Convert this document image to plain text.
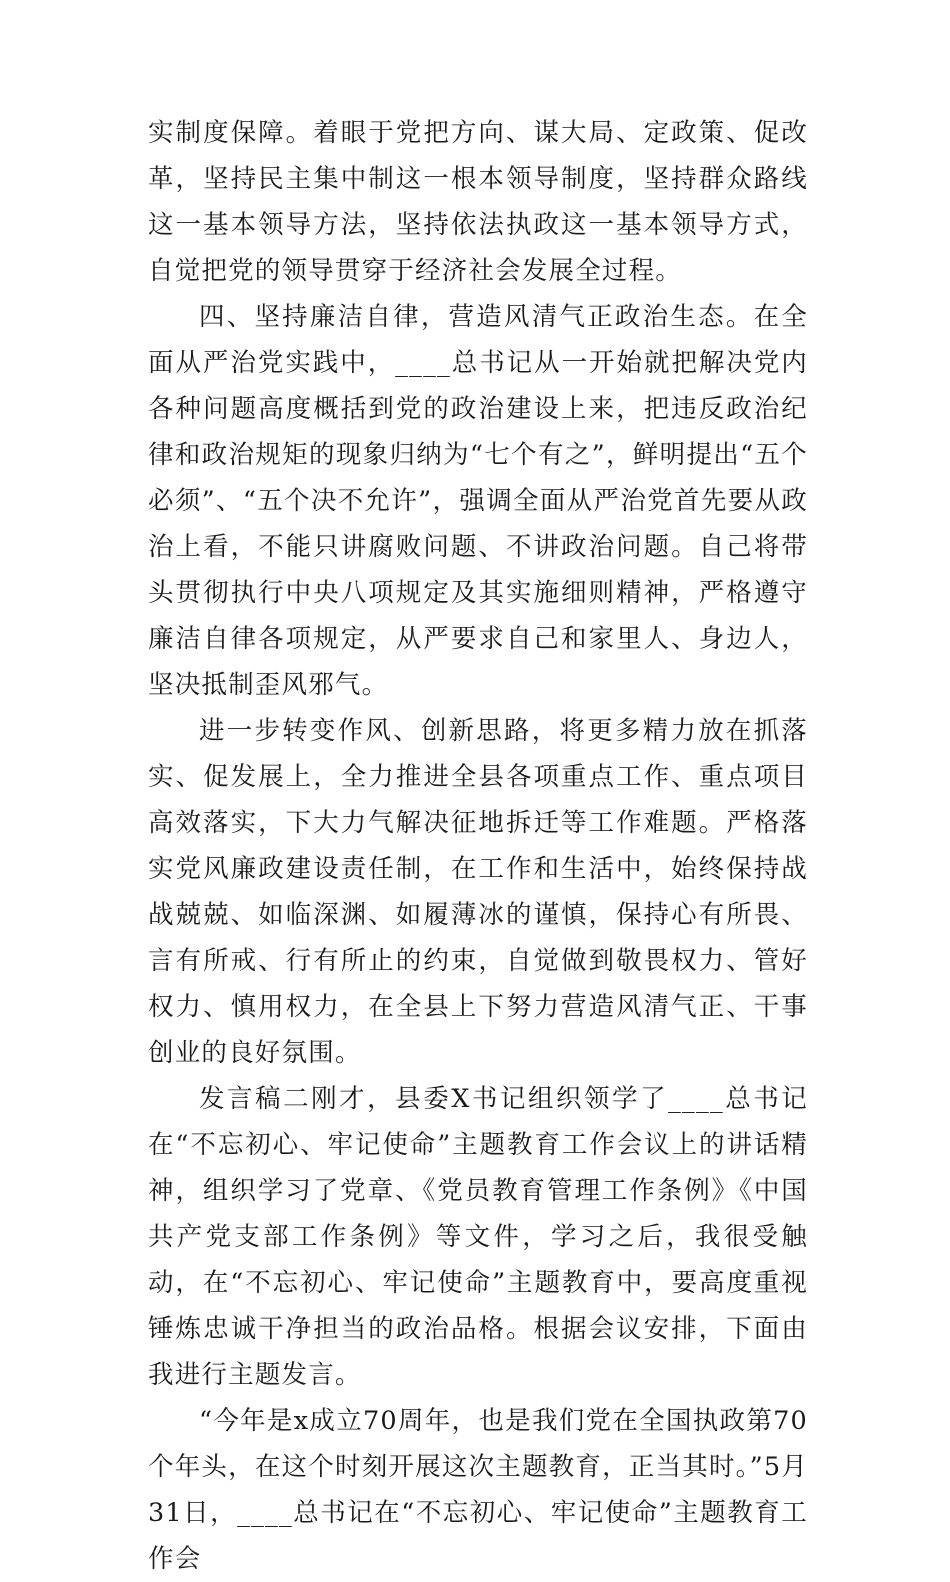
实制度保障。着眼于党把方向、谋大局、定政策、促改革，坚持民主集中制这一根本领导制度，坚持群众路线这一基本领导方法，坚持依法执政这一基本领导方式，自觉把党的领导贯穿于经济社会发展全过程。

四、坚持廉洁自律，营造风清气正政治生态。在全面从严治党实践中，____总书记从一开始就把解决党内各种问题高度概括到党的政治建设上来，把违反政治纪律和政治规矩的现象归纳为“七个有之”，鲜明提出“五个必须”、“五个决不允许”，强调全面从严治党首先要从政治上看，不能只讲腐败问题、不讲政治问题。自己将带头贯彻执行中央八项规定及其实施细则精神，严格遵守廉洁自律各项规定，从严要求自己和家里人、身边人，坚决抵制歪风邪气。

进一步转变作风、创新思路，将更多精力放在抓落实、促发展上，全力推进全县各项重点工作、重点项目高效落实，下大力气解决征地拆迁等工作难题。严格落实党风廉政建设责任制，在工作和生活中，始终保持战战兢兢、如临深渊、如履薄冰的谨慎，保持心有所畏、言有所戒、行有所止的约束，自觉做到敬畏权力、管好权力、慎用权力，在全县上下努力营造风清气正、干事创业的良好氛围。

发言稿二刚才，县委X书记组织领学了____总书记在“不忘初心、牢记使命”主题教育工作会议上的讲话精神，组织学习了党章、《党员教育管理工作条例》《中国共产党支部工作条例》等文件，学习之后，我很受触动，在“不忘初心、牢记使命”主题教育中，要高度重视锤炼忠诚干净担当的政治品格。根据会议安排，下面由我进行主题发言。

“今年是x成立70周年，也是我们党在全国执政第70个年头，在这个时刻开展这次主题教育，正当其时。”5月31日，____总书记在“不忘初心、牢记使命”主题教育工作会
